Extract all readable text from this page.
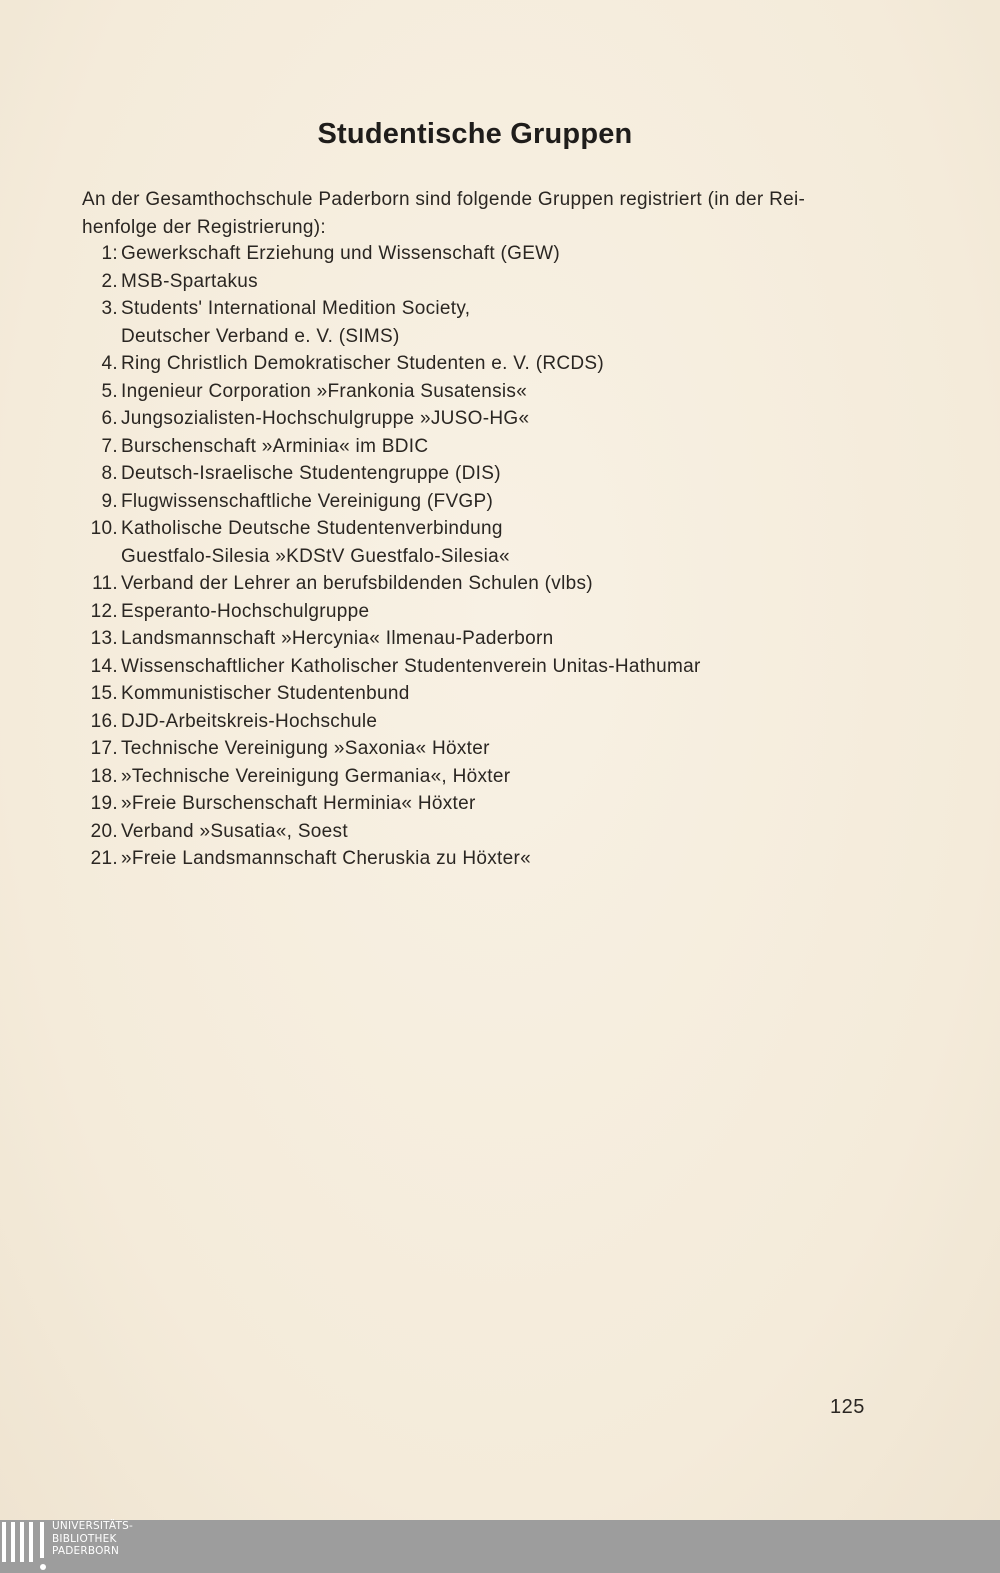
Studentische Gruppen

An der Gesamthochschule Paderborn sind folgende Gruppen registriert (in der Rei-
henfolge der Registrierung):

1: Gewerkschaft Erziehung und Wissenschaft (GEW)
2. MSB-Spartakus
3. Students' International Medition Society,
Deutscher Verband e. V. (SIMS)
4. Ring Christlich Demokratischer Studenten e. V. (RCDS)
5. Ingenieur Corporation »Frankonia Susatensis«
6. Jungsozialisten-Hochschulgruppe »JUSO-HG«
7. Burschenschaft »Arminia« im BDIC
8. Deutsch-Israelische Studentengruppe (DIS)
9. Flugwissenschaftliche Vereinigung (FVGP)
10. Katholische Deutsche Studentenverbindung
Guestfalo-Silesia »KDStV Guestfalo-Silesia«
11. Verband der Lehrer an berufsbildenden Schulen (vlbs)
12. Esperanto-Hochschulgruppe
13. Landsmannschaft »Hercynia« Ilmenau-Paderborn
14. Wissenschaftlicher Katholischer Studentenverein Unitas-Hathumar
15. Kommunistischer Studentenbund
16. DJD-Arbeitskreis-Hochschule
17. Technische Vereinigung »Saxonia« Höxter
18. »Technische Vereinigung Germania«, Höxter
19. »Freie Burschenschaft Herminia« Höxter
20. Verband »Susatia«, Soest
21. »Freie Landsmannschaft Cheruskia zu Höxter«
125
UNIVERSITÄTS-
BIBLIOTHEK
PADERBORN
